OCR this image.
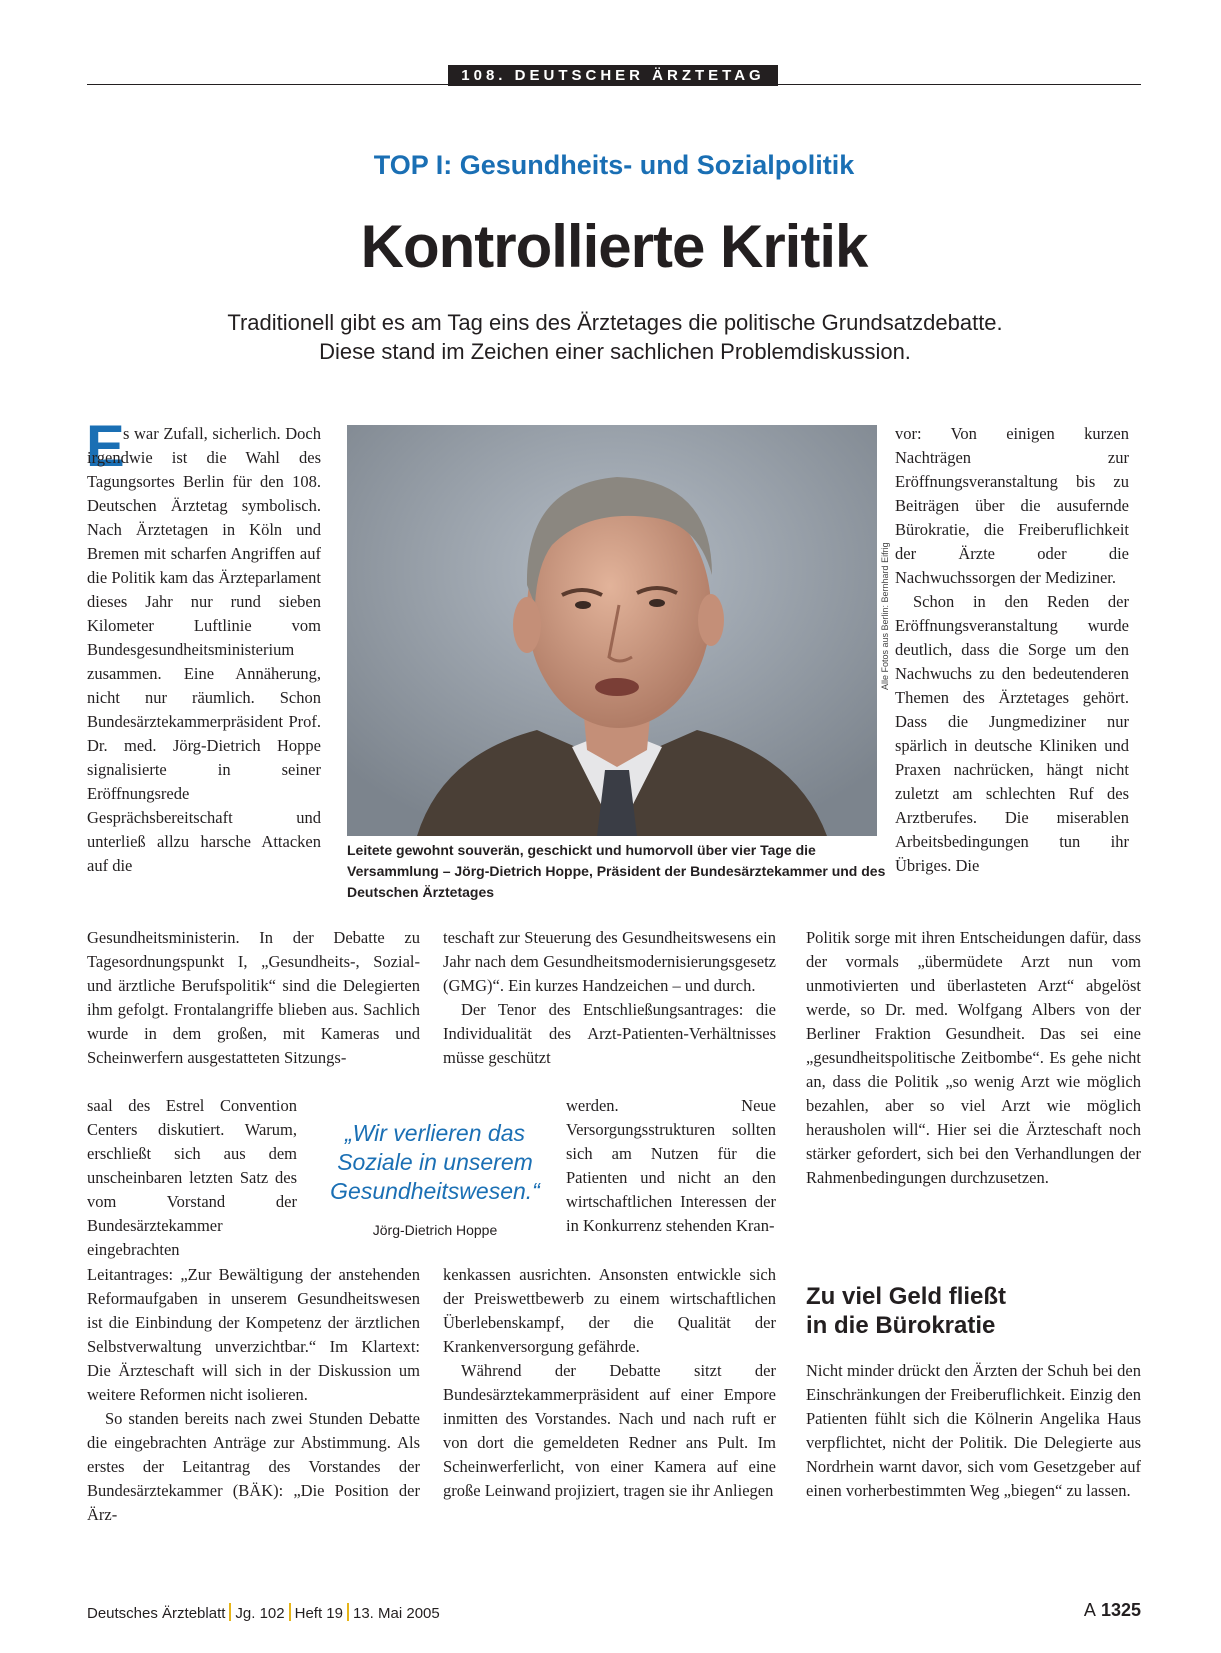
108. DEUTSCHER ÄRZTETAG
TOP I: Gesundheits- und Sozialpolitik
Kontrollierte Kritik
Traditionell gibt es am Tag eins des Ärztetages die politische Grundsatzdebatte.
Diese stand im Zeichen einer sachlichen Problemdiskussion.
E

s war Zufall, sicherlich. Doch irgendwie ist die Wahl des Tagungsortes Berlin für den 108. Deutschen Ärztetag symbolisch. Nach Ärztetagen in Köln und Bremen mit scharfen Angriffen auf die Politik kam das Ärzteparlament dieses Jahr nur rund sieben Kilometer Luftlinie vom Bundesgesundheitsministerium zusammen. Eine Annäherung, nicht nur räumlich. Schon Bundesärztekammerpräsident Prof. Dr. med. Jörg-Dietrich Hoppe signalisierte in seiner Eröffnungsrede Gesprächsbereitschaft und unterließ allzu harsche Attacken auf die

Gesundheitsministerin. In der Debatte zu Tagesordnungspunkt I, „Gesundheits-, Sozial- und ärztliche Berufspolitik“ sind die Delegierten ihm gefolgt. Frontalangriffe blieben aus. Sachlich wurde in dem großen, mit Kameras und Scheinwerfern ausgestatteten Sitzungs-

saal des Estrel Convention Centers diskutiert. Warum, erschließt sich aus dem unscheinbaren letzten Satz des vom Vorstand der Bundesärztekammer eingebrachten

Leitantrages: „Zur Bewältigung der anstehenden Reformaufgaben in unserem Gesundheitswesen ist die Einbindung der Kompetenz der ärztlichen Selbstverwaltung unverzichtbar.“ Im Klartext: Die Ärzteschaft will sich in der Diskussion um weitere Reformen nicht isolieren.

So standen bereits nach zwei Stunden Debatte die eingebrachten Anträge zur Abstimmung. Als erstes der Leitantrag des Vorstandes der Bundesärztekammer (BÄK): „Die Position der Ärz-

Alle Fotos aus Berlin: Bernhard Eifrig
Leitete gewohnt souverän, geschickt und humorvoll über vier Tage die Versammlung – Jörg-Dietrich Hoppe, Präsident der Bundesärztekammer und des Deutschen Ärztetages

teschaft zur Steuerung des Gesundheitswesens ein Jahr nach dem Gesundheitsmodernisierungsgesetz (GMG)“. Ein kurzes Handzeichen – und durch.

Der Tenor des Entschließungsantrages: die Individualität des Arzt-Patienten-Verhältnisses müsse geschützt

werden. Neue Versorgungsstrukturen sollten sich am Nutzen für die Patienten und nicht an den wirtschaftlichen Interessen der in Konkurrenz stehenden Kran-

kenkassen ausrichten. Ansonsten entwickle sich der Preiswettbewerb zu einem wirtschaftlichen Überlebenskampf, der die Qualität der Krankenversorgung gefährde.

Während der Debatte sitzt der Bundesärztekammerpräsident auf einer Empore inmitten des Vorstandes. Nach und nach ruft er von dort die gemeldeten Redner ans Pult. Im Scheinwerferlicht, von einer Kamera auf eine große Leinwand projiziert, tragen sie ihr Anliegen

„Wir verlieren das
Soziale in unserem
Gesundheitswesen.“
Jörg-Dietrich Hoppe

vor: Von einigen kurzen Nachträgen zur Eröffnungsveranstaltung bis zu Beiträgen über die ausufernde Bürokratie, die Freiberuflichkeit der Ärzte oder die Nachwuchssorgen der Mediziner.

Schon in den Reden der Eröffnungsveranstaltung wurde deutlich, dass die Sorge um den Nachwuchs zu den bedeutenderen Themen des Ärztetages gehört. Dass die Jungmediziner nur spärlich in deutsche Kliniken und Praxen nachrücken, hängt nicht zuletzt am schlechten Ruf des Arztberufes. Die miserablen Arbeitsbedingungen tun ihr Übriges. Die

Politik sorge mit ihren Entscheidungen dafür, dass der vormals „übermüdete Arzt nun vom unmotivierten und überlasteten Arzt“ abgelöst werde, so Dr. med. Wolfgang Albers von der Berliner Fraktion Gesundheit. Das sei eine „gesundheitspolitische Zeitbombe“. Es gehe nicht an, dass die Politik „so wenig Arzt wie möglich bezahlen, aber so viel Arzt wie möglich herausholen will“. Hier sei die Ärzteschaft noch stärker gefordert, sich bei den Verhandlungen der Rahmenbedingungen durchzusetzen.

Zu viel Geld fließt
in die Bürokratie

Nicht minder drückt den Ärzten der Schuh bei den Einschränkungen der Freiberuflichkeit. Einzig den Patienten fühlt sich die Kölnerin Angelika Haus verpflichtet, nicht der Politik. Die Delegierte aus Nordrhein warnt davor, sich vom Gesetzgeber auf einen vorherbestimmten Weg „biegen“ zu lassen.

Deutsches Ärzteblatt Jg. 102 Heft 19 13. Mai 2005	A 1325
